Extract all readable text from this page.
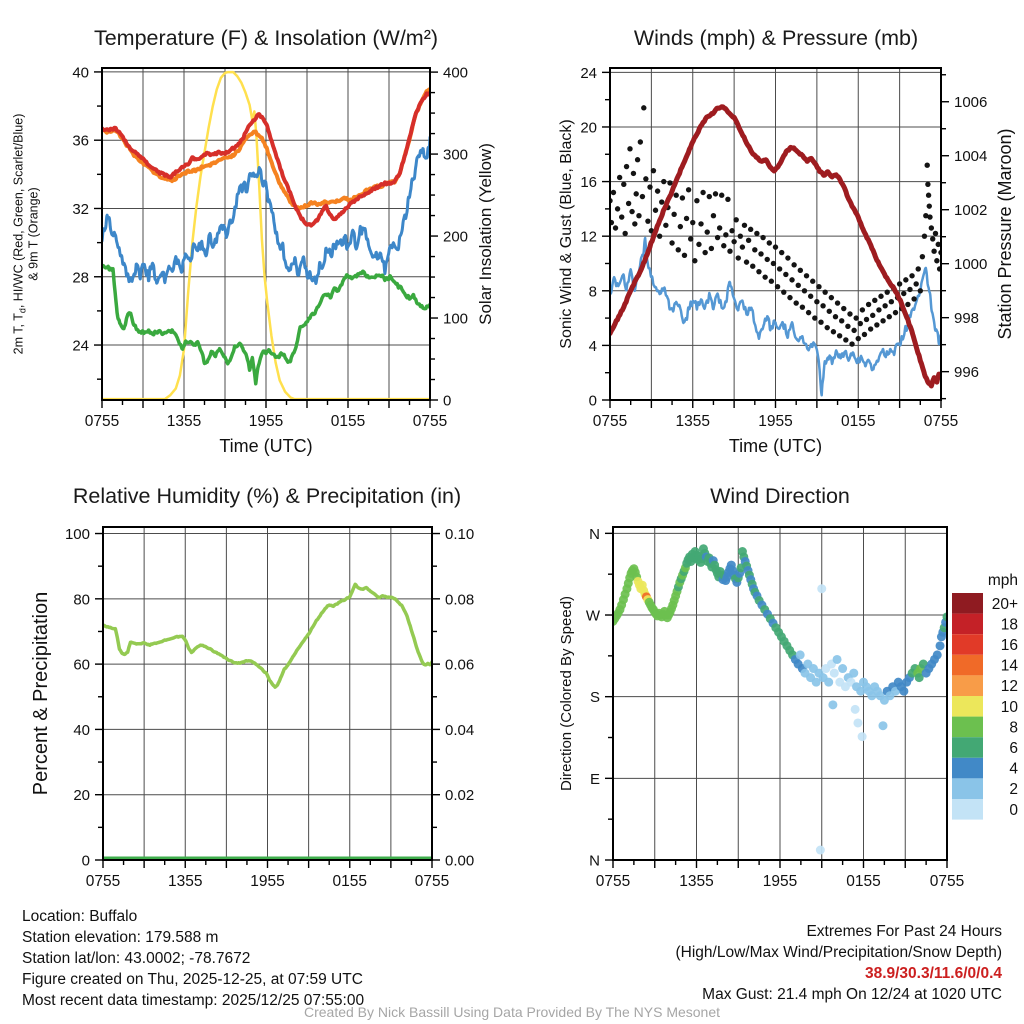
24
28
32
36
40
0
100
200
300
400
0755	1355	1955	0155	0755
Time (UTC)
2m T, $T_d$, HI/WC (Red, Green, Scarlet/Blue) & 9m T (Orange)	Solar Insolation (Yellow)
0
4
8
12
16
20
24
996
998
1000
1002
1004
1006
0755	1355	1955	0155	0755
Time (UTC)
Sonic Wind & Gust (Blue, Black)	Station Pressure (Maroon)
0
20
40
60
80
100
0.00
0.02
0.04
0.06
0.08
0.10
0755	1355	1955	0155	0755
Percent & Precipitation
N
E
S
W
N
0755	1355	1955	0155	0755
Direction (Colored By Speed)
mph
20+
18
16
14
12
10
8
6
4
2
0
Temperature (F) & Insolation (W/m²)	Winds (mph) & Pressure (mb)
Relative Humidity (%) & Precipitation (in)	Wind Direction
Location: Buffalo
Station elevation: 179.588 m
Station lat/lon: 43.0002; -78.7672
Figure created on Thu, 2025-12-25, at 07:59 UTC
Most recent data timestamp: 2025/12/25 07:55:00
Extremes For Past 24 Hours
(High/Low/Max Wind/Precipitation/Snow Depth)
38.9/30.3/11.6/0/0.4
Max Gust: 21.4 mph On 12/24 at 1020 UTC
Created By Nick Bassill Using Data Provided By The NYS Mesonet
